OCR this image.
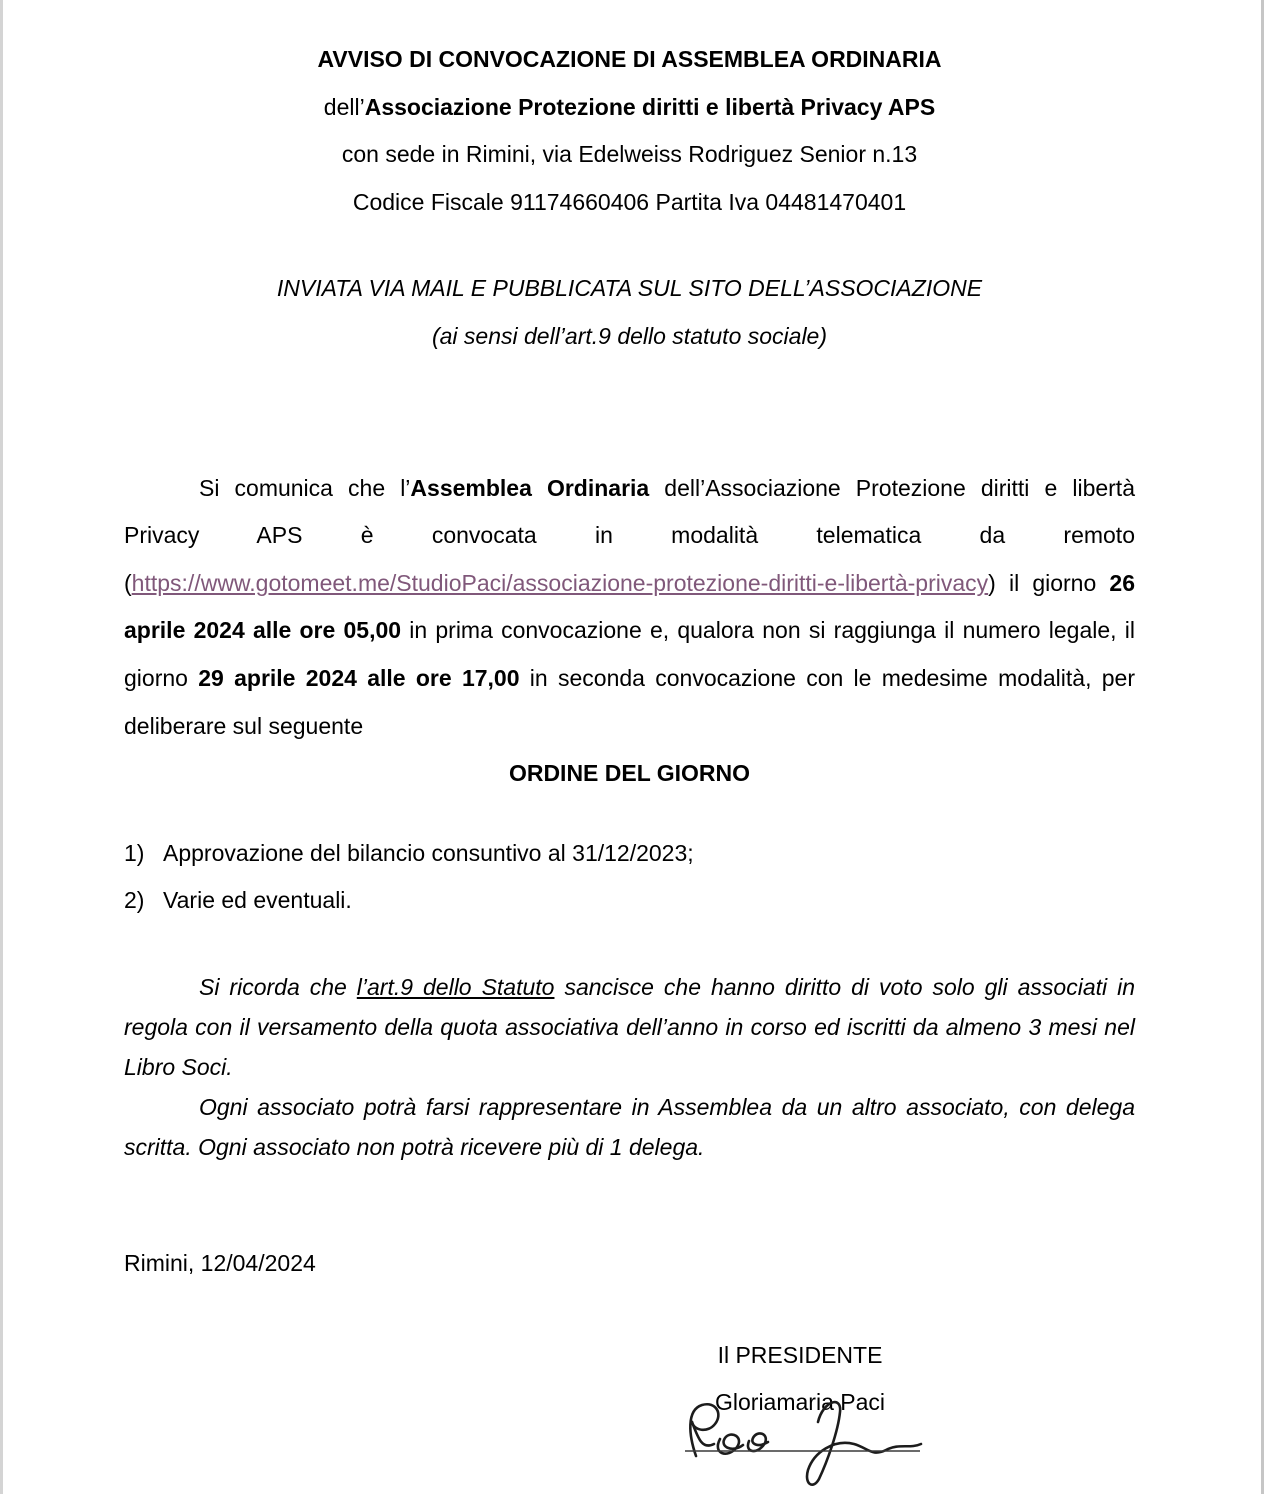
AVVISO DI CONVOCAZIONE DI ASSEMBLEA ORDINARIA

dell’Associazione Protezione diritti e libertà Privacy APS

con sede in Rimini, via Edelweiss Rodriguez Senior n.13

Codice Fiscale 91174660406 Partita Iva 04481470401

INVIATA VIA MAIL E PUBBLICATA SUL SITO DELL’ASSOCIAZIONE

(ai sensi dell’art.9 dello statuto sociale)

Si comunica che l’Assemblea Ordinaria dell’Associazione Protezione diritti e libertà Privacy APS è convocata in modalità telematica da remoto (https://www.gotomeet.me/StudioPaci/associazione-protezione-diritti-e-libertà-privacy) il giorno 26 aprile 2024 alle ore 05,00 in prima convocazione e, qualora non si raggiunga il numero legale, il giorno 29 aprile 2024 alle ore 17,00 in seconda convocazione con le medesime modalità, per deliberare sul seguente

ORDINE DEL GIORNO

1) Approvazione del bilancio consuntivo al 31/12/2023;
2) Varie ed eventuali.

Si ricorda che l’art.9 dello Statuto sancisce che hanno diritto di voto solo gli associati in regola con il versamento della quota associativa dell’anno in corso ed iscritti da almeno 3 mesi nel Libro Soci.

Ogni associato potrà farsi rappresentare in Assemblea da un altro associato, con delega scritta. Ogni associato non potrà ricevere più di 1 delega.

Rimini, 12/04/2024

Il PRESIDENTE

Gloriamaria Paci
